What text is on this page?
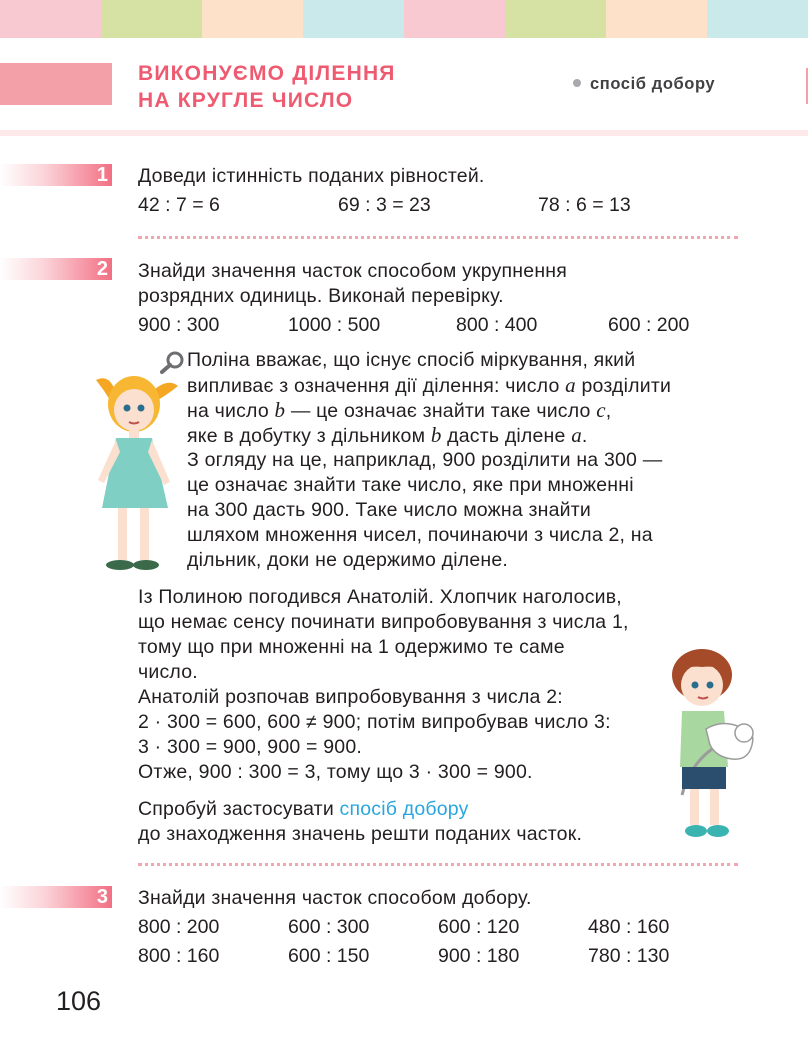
ВИКОНУЄМО ДІЛЕННЯ
НА КРУГЛЕ ЧИСЛО
спосіб добору
1 Доведи істинність поданих рівностей.
42 : 7 = 6	69 : 3 = 23	78 : 6 = 13
2 Знайди значення часток способом укрупнення
розрядних одиниць. Виконай перевірку.
900 : 300	1000 : 500	800 : 400	600 : 200
Поліна вважає, що існує спосіб міркування, який
випливає з означення дії ділення: число a розділити
на число b — це означає знайти таке число c,
яке в добутку з дільником b дасть ділене a.
З огляду на це, наприклад, 900 розділити на 300 —
це означає знайти таке число, яке при множенні
на 300 дасть 900. Таке число можна знайти
шляхом множення чисел, починаючи з числа 2, на
дільник, доки не одержимо ділене.
Із Полиною погодився Анатолій. Хлопчик наголосив,
що немає сенсу починати випробовування з числа 1,
тому що при множенні на 1 одержимо те саме
число.
Анатолій розпочав випробовування з числа 2:
2 · 300 = 600, 600 ≠ 900; потім випробував число 3:
3 · 300 = 900, 900 = 900.
Отже, 900 : 300 = 3, тому що 3 · 300 = 900.
Спробуй застосувати спосіб добору
до знаходження значень решти поданих часток.
3 Знайди значення часток способом добору.
800 : 200	600 : 300	600 : 120	480 : 160
800 : 160	600 : 150	900 : 180	780 : 130
106
